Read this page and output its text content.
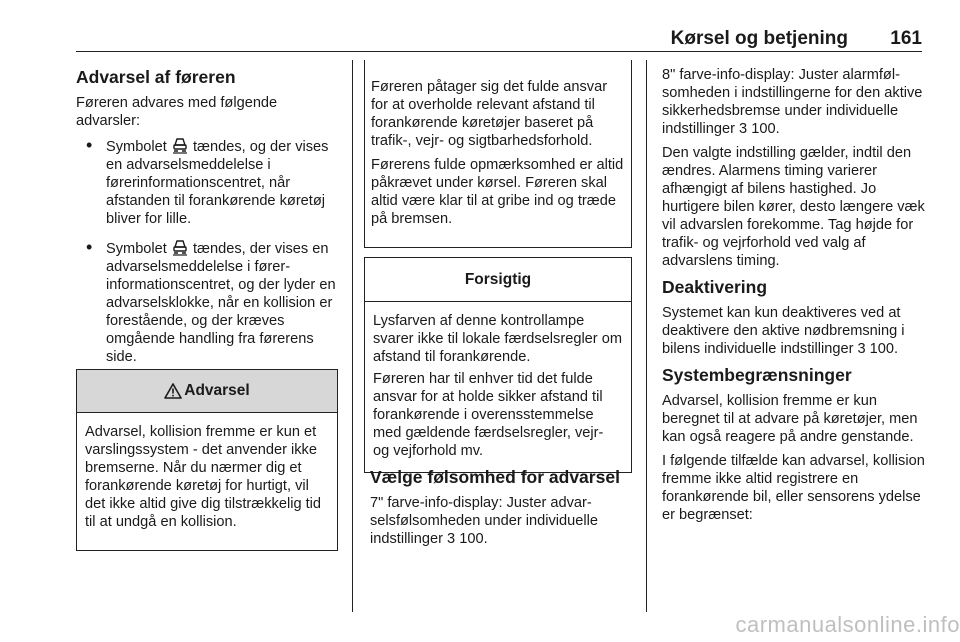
Kørsel og betjening 161
Advarsel af føreren
Føreren advares med følgende advarsler:
• Symbolet tændes, og der vises en advarselsmeddelelse i førerinformationscentret, når afstanden til forankørende køretøj bliver for lille.
• Symbolet tændes, der vises en advarselsmeddelelse i førerinformationscentret, og der lyder en advarselsklokke, når en kollision er forestående, og der kræves omgående handling fra førerens side.
Advarsel
Advarsel, kollision fremme er kun et varslingssystem - det anvender ikke bremserne. Når du nærmer dig et forankørende køretøj for hurtigt, vil det ikke altid give dig tilstrækkelig tid til at undgå en kollision.
Føreren påtager sig det fulde ansvar for at overholde relevant afstand til forankørende køretøjer baseret på trafik-, vejr- og sigtbarhedsforhold.
Førerens fulde opmærksomhed er altid påkrævet under kørsel. Føreren skal altid være klar til at gribe ind og træde på bremsen.
Forsigtig
Lysfarven af denne kontrollampe svarer ikke til lokale færdselsregler om afstand til forankørende.
Føreren har til enhver tid det fulde ansvar for at holde sikker afstand til forankørende i overensstemmelse med gældende færdselsregler, vejr- og vejforhold mv.
Vælge følsomhed for advarsel
7" farve-info-display: Juster advarselsfølsomheden under individuelle indstillinger 3 100.
8" farve-info-display: Juster alarmfølsomheden i indstillingerne for den aktive sikkerhedsbremse under individuelle indstillinger 3 100.
Den valgte indstilling gælder, indtil den ændres. Alarmens timing varierer afhængigt af bilens hastighed. Jo hurtigere bilen kører, desto længere væk vil advarslen forekomme. Tag højde for trafik- og vejrforhold ved valg af advarslens timing.
Deaktivering
Systemet kan kun deaktiveres ved at deaktivere den aktive nødbremsning i bilens individuelle indstillinger 3 100.
Systembegrænsninger
Advarsel, kollision fremme er kun beregnet til at advare på køretøjer, men kan også reagere på andre genstande.
I følgende tilfælde kan advarsel, kollision fremme ikke altid registrere en forankørende bil, eller sensorens ydelse er begrænset:
carmanualsonline.info
